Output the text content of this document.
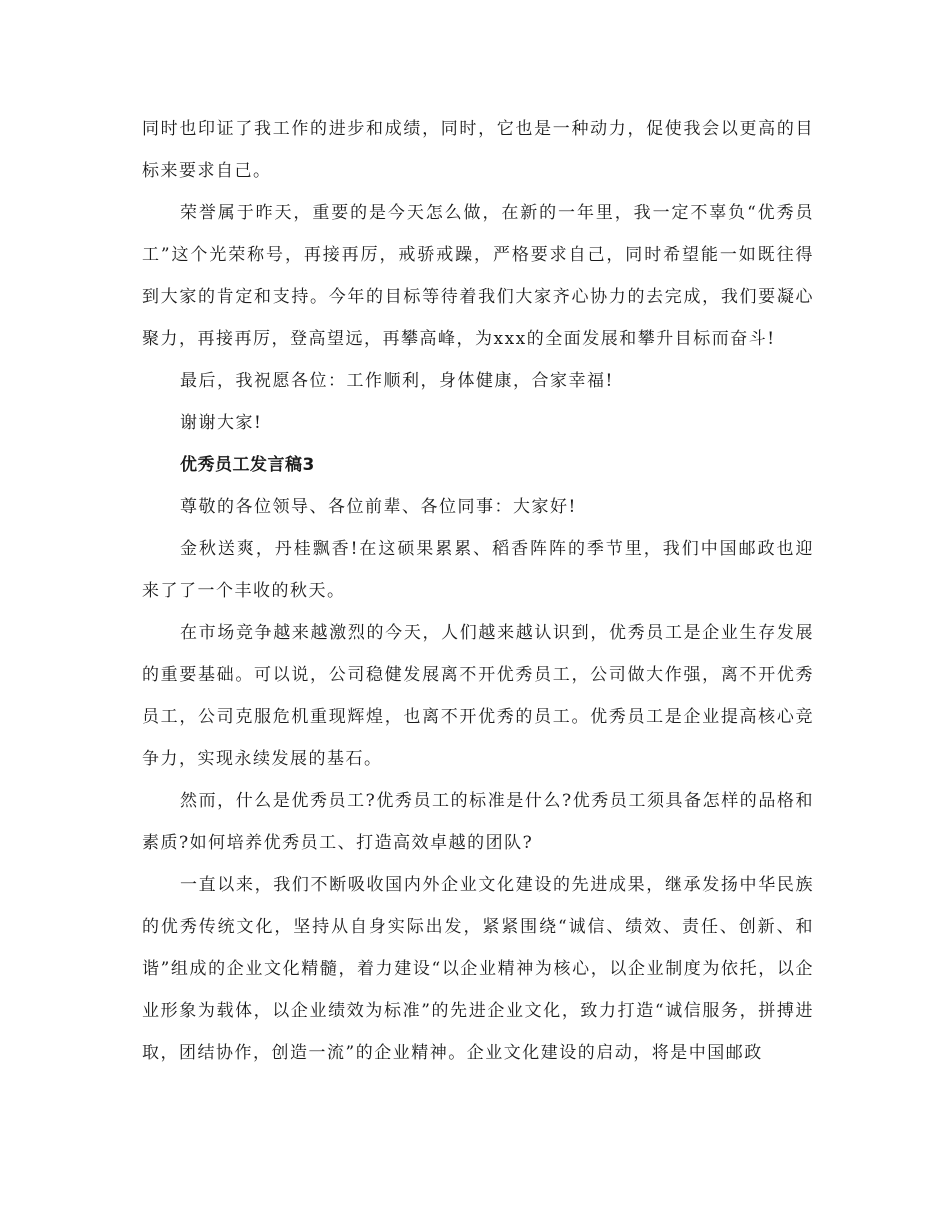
同时也印证了我工作的进步和成绩，同时，它也是一种动力，促使我会以更高的目标来要求自己。

荣誉属于昨天，重要的是今天怎么做，在新的一年里，我一定不辜负“优秀员工”这个光荣称号，再接再厉，戒骄戒躁，严格要求自己，同时希望能一如既往得到大家的肯定和支持。今年的目标等待着我们大家齐心协力的去完成，我们要凝心聚力，再接再厉，登高望远，再攀高峰，为xxx的全面发展和攀升目标而奋斗!

最后，我祝愿各位：工作顺利，身体健康，合家幸福!

谢谢大家!

优秀员工发言稿3

尊敬的各位领导、各位前辈、各位同事：大家好!

金秋送爽，丹桂飘香!在这硕果累累、稻香阵阵的季节里，我们中国邮政也迎来了了一个丰收的秋天。

在市场竞争越来越激烈的今天，人们越来越认识到，优秀员工是企业生存发展的重要基础。可以说，公司稳健发展离不开优秀员工，公司做大作强，离不开优秀员工，公司克服危机重现辉煌，也离不开优秀的员工。优秀员工是企业提高核心竞争力，实现永续发展的基石。

然而，什么是优秀员工?优秀员工的标准是什么?优秀员工须具备怎样的品格和素质?如何培养优秀员工、打造高效卓越的团队?

一直以来，我们不断吸收国内外企业文化建设的先进成果，继承发扬中华民族的优秀传统文化，坚持从自身实际出发，紧紧围绕“诚信、绩效、责任、创新、和谐”组成的企业文化精髓，着力建设“以企业精神为核心，以企业制度为依托，以企业形象为载体，以企业绩效为标准”的先进企业文化，致力打造“诚信服务，拼搏进取，团结协作，创造一流”的企业精神。企业文化建设的启动，将是中国邮政
